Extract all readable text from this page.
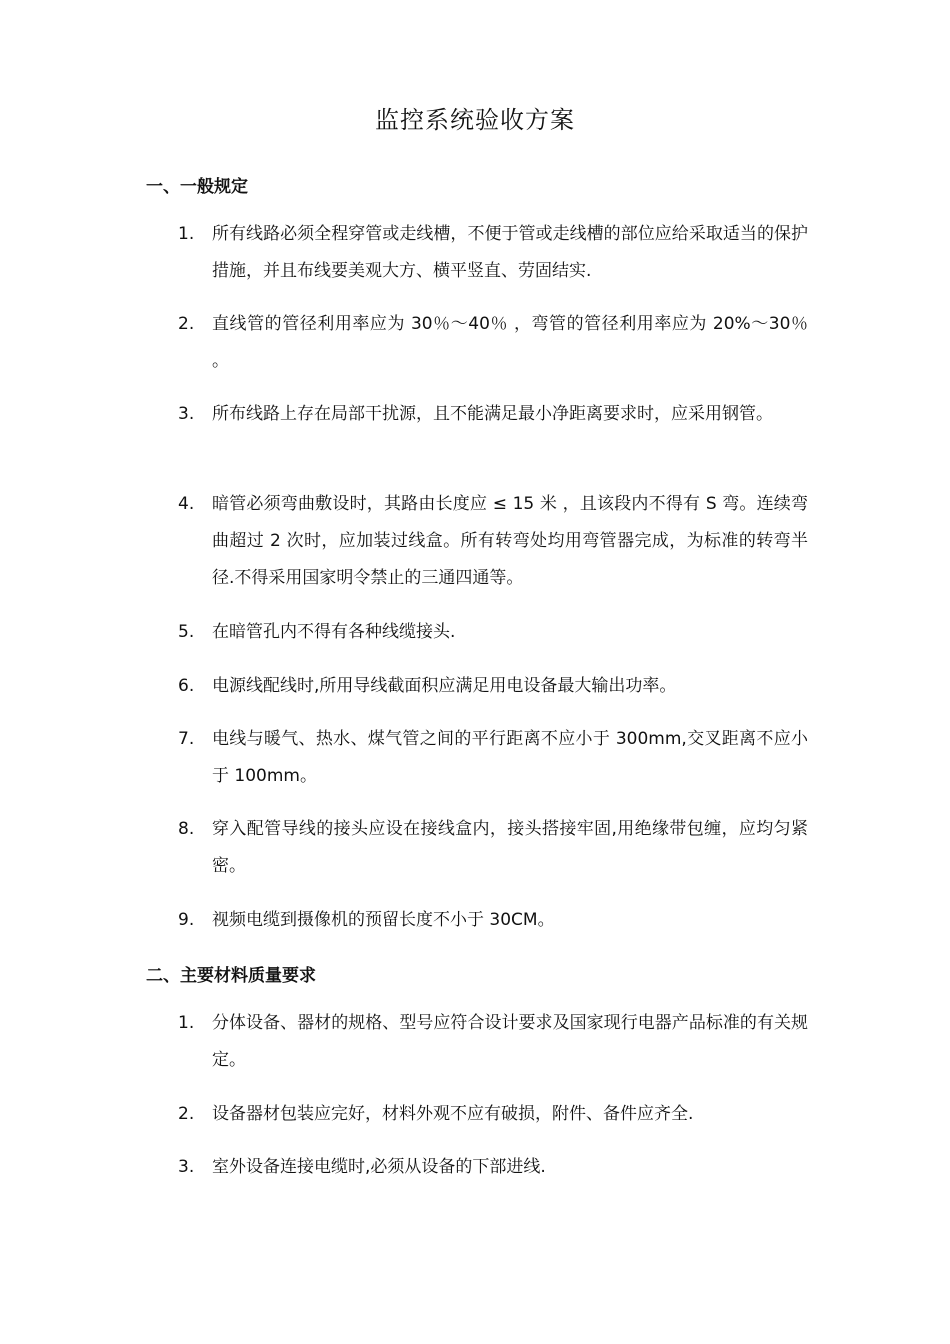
监控系统验收方案
一、一般规定
1.	所有线路必须全程穿管或走线槽，不便于管或走线槽的部位应给采取适当的保护措施，并且布线要美观大方、横平竖直、劳固结实.
2.	直线管的管径利用率应为 30％～40％ ，弯管的管径利用率应为 20%～30％ 。
3.	所布线路上存在局部干扰源，且不能满足最小净距离要求时，应采用钢管。
4.	暗管必须弯曲敷设时，其路由长度应 ≤ 15 米 ，且该段内不得有 S 弯。连续弯曲超过 2 次时，应加装过线盒。所有转弯处均用弯管器完成，为标准的转弯半径.不得采用国家明令禁止的三通四通等。
5.	在暗管孔内不得有各种线缆接头.
6.	电源线配线时,所用导线截面积应满足用电设备最大输出功率。
7.	电线与暖气、热水、煤气管之间的平行距离不应小于 300mm,交叉距离不应小于 100mm。
8.	穿入配管导线的接头应设在接线盒内，接头搭接牢固,用绝缘带包缠，应均匀紧密。
9.	视频电缆到摄像机的预留长度不小于 30CM。
二、主要材料质量要求
1.	分体设备、器材的规格、型号应符合设计要求及国家现行电器产品标准的有关规定。
2.	设备器材包装应完好，材料外观不应有破损，附件、备件应齐全.
3.	室外设备连接电缆时,必须从设备的下部进线.
